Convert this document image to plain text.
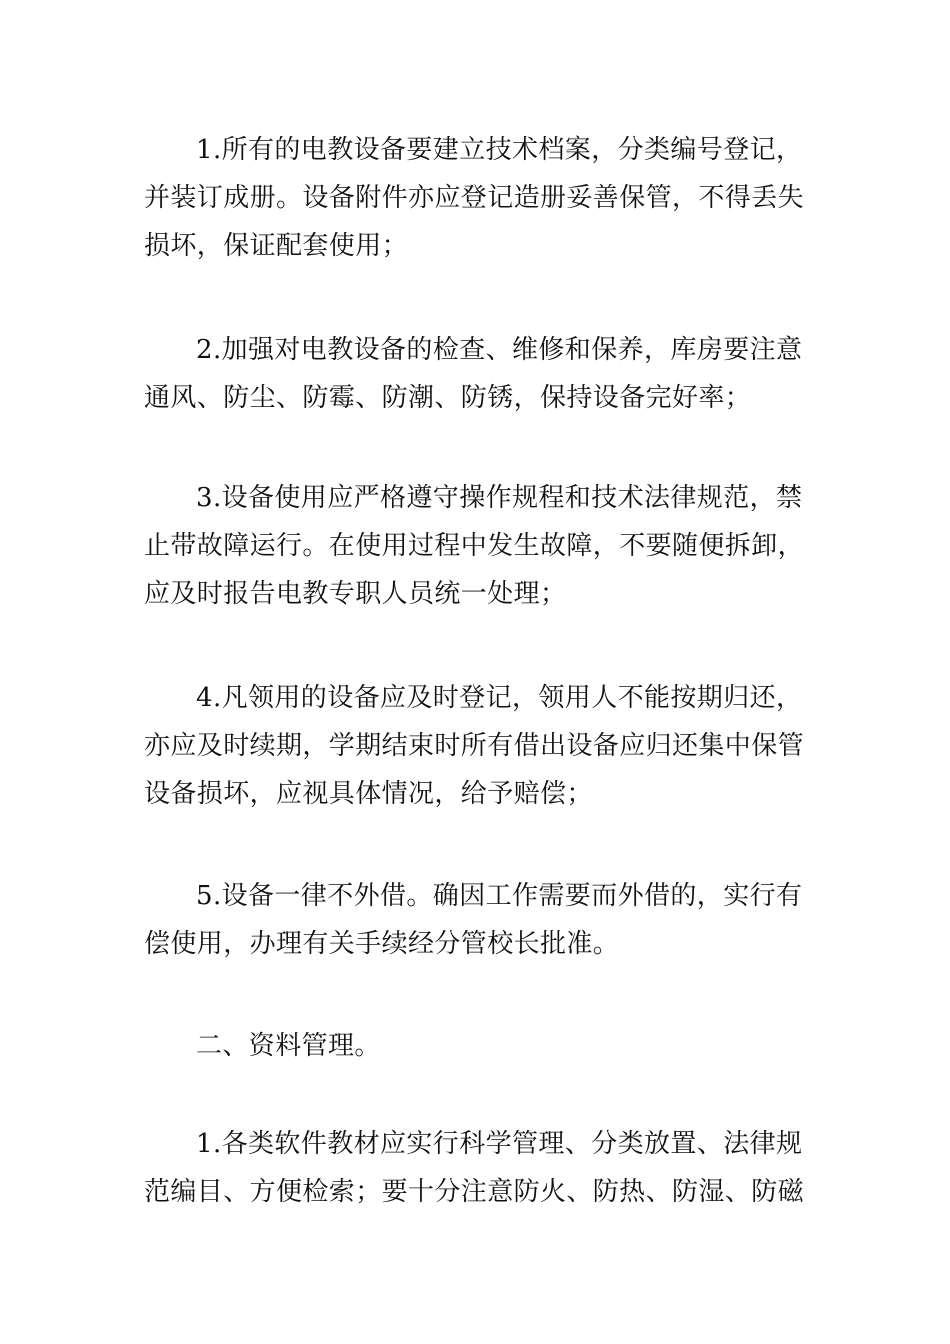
1.所有的电教设备要建立技术档案，分类编号登记，
并装订成册。设备附件亦应登记造册妥善保管，不得丢失
损坏，保证配套使用；
2.加强对电教设备的检查、维修和保养，库房要注意
通风、防尘、防霉、防潮、防锈，保持设备完好率；
3.设备使用应严格遵守操作规程和技术法律规范，禁
止带故障运行。在使用过程中发生故障，不要随便拆卸，
应及时报告电教专职人员统一处理；
4.凡领用的设备应及时登记，领用人不能按期归还，
亦应及时续期，学期结束时所有借出设备应归还集中保管
设备损坏，应视具体情况，给予赔偿；
5.设备一律不外借。确因工作需要而外借的，实行有
偿使用，办理有关手续经分管校长批准。
二、资料管理。
1.各类软件教材应实行科学管理、分类放置、法律规
范编目、方便检索；要十分注意防火、防热、防湿、防磁
